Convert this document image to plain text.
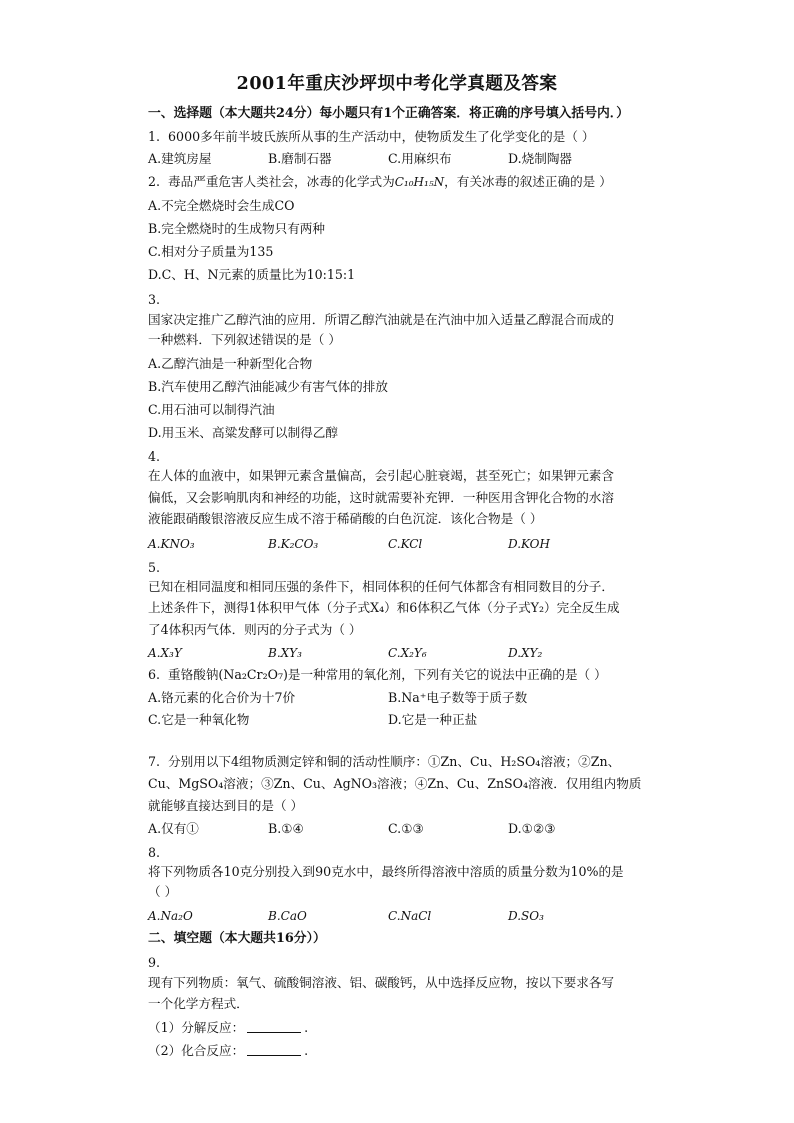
2001年重庆沙坪坝中考化学真题及答案
一、选择题（本大题共24分）每小题只有1个正确答案．将正确的序号填入括号内．）
1. 6000多年前半坡氏族所从事的生产活动中，使物质发生了化学变化的是（ ）
A.建筑房屋	B.磨制石器	C.用麻织布	D.烧制陶器
2. 毒品严重危害人类社会，冰毒的化学式为C₁₀H₁₅N，有关冰毒的叙述正确的是 ）
A.不完全燃烧时会生成CO
B.完全燃烧时的生成物只有两种
C.相对分子质量为135
D.C、H、N元素的质量比为10:15:1
3.
国家决定推广乙醇汽油的应用．所谓乙醇汽油就是在汽油中加入适量乙醇混合而成的
一种燃料．下列叙述错误的是（ ）
A.乙醇汽油是一种新型化合物
B.汽车使用乙醇汽油能减少有害气体的排放
C.用石油可以制得汽油
D.用玉米、高粱发酵可以制得乙醇
4.
在人体的血液中，如果钾元素含量偏高，会引起心脏衰竭，甚至死亡；如果钾元素含
偏低，又会影响肌肉和神经的功能，这时就需要补充钾．一种医用含钾化合物的水溶
液能跟硝酸银溶液反应生成不溶于稀硝酸的白色沉淀．该化合物是（ ）
A.KNO₃	B.K₂CO₃	C.KCl	D.KOH
5.
已知在相同温度和相同压强的条件下，相同体积的任何气体都含有相同数目的分子．
上述条件下，测得1体积甲气体（分子式X₄）和6体积乙气体（分子式Y₂）完全反生成
了4体积丙气体．则丙的分子式为（ ）
A.X₃Y	B.XY₃	C.X₂Y₆	D.XY₂
6. 重铬酸钠(Na₂Cr₂O₇)是一种常用的氧化剂，下列有关它的说法中正确的是（ ）
A.铬元素的化合价为十7价	B.Na⁺电子数等于质子数
C.它是一种氧化物	D.它是一种正盐
7. 分别用以下4组物质测定锌和铜的活动性顺序：①Zn、Cu、H₂SO₄溶液；②Zn、
Cu、MgSO₄溶液；③Zn、Cu、AgNO₃溶液；④Zn、Cu、ZnSO₄溶液．仅用组内物质
就能够直接达到目的是（ ）
A.仅有①	B.①④	C.①③	D.①②③
8.
将下列物质各10克分别投入到90克水中，最终所得溶液中溶质的质量分数为10%的是
（ ）
A.Na₂O	B.CaO	C.NaCl	D.SO₃
二、填空题（本大题共16分））
9.
现有下列物质：氧气、硫酸铜溶液、铝、碳酸钙，从中选择反应物，按以下要求各写
一个化学方程式．
（1）分解反应：	.
（2）化合反应：	.
